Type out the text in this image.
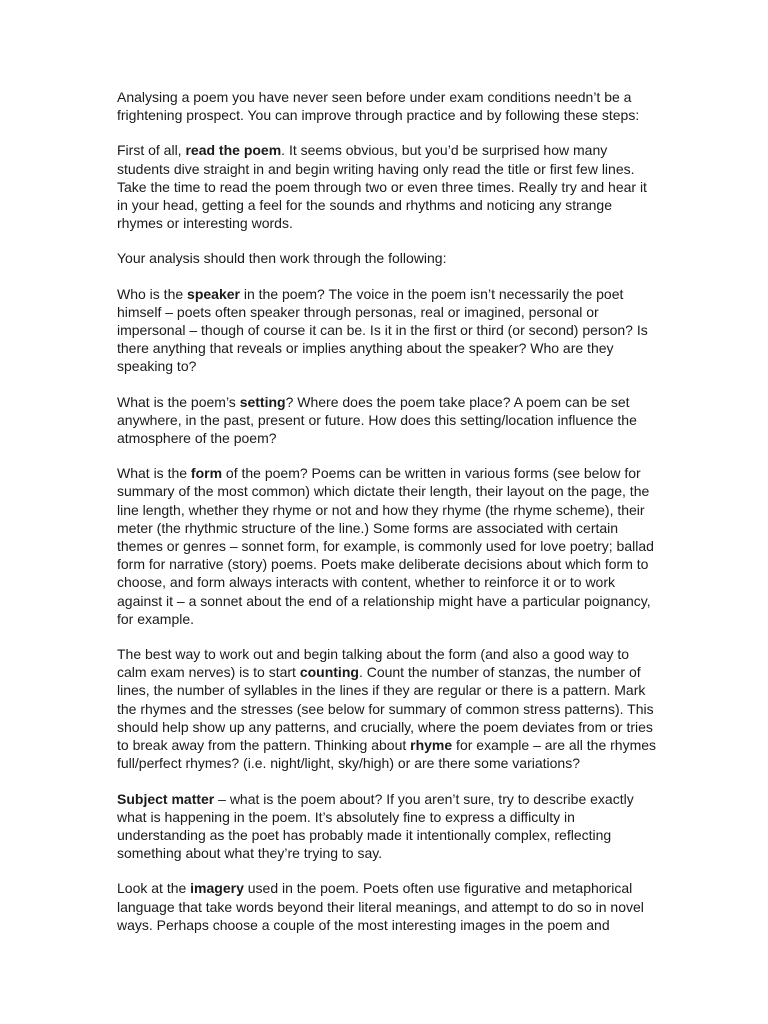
Analysing a poem you have never seen before under exam conditions needn’t be a frightening prospect. You can improve through practice and by following these steps:

First of all, read the poem. It seems obvious, but you’d be surprised how many students dive straight in and begin writing having only read the title or first few lines. Take the time to read the poem through two or even three times. Really try and hear it in your head, getting a feel for the sounds and rhythms and noticing any strange rhymes or interesting words.

Your analysis should then work through the following:

Who is the speaker in the poem? The voice in the poem isn’t necessarily the poet himself – poets often speaker through personas, real or imagined, personal or impersonal – though of course it can be. Is it in the first or third (or second) person? Is there anything that reveals or implies anything about the speaker? Who are they speaking to?

What is the poem’s setting? Where does the poem take place? A poem can be set anywhere, in the past, present or future. How does this setting/location influence the atmosphere of the poem?

What is the form of the poem? Poems can be written in various forms (see below for summary of the most common) which dictate their length, their layout on the page, the line length, whether they rhyme or not and how they rhyme (the rhyme scheme), their meter (the rhythmic structure of the line.) Some forms are associated with certain themes or genres – sonnet form, for example, is commonly used for love poetry; ballad form for narrative (story) poems. Poets make deliberate decisions about which form to choose, and form always interacts with content, whether to reinforce it or to work against it – a sonnet about the end of a relationship might have a particular poignancy, for example.

The best way to work out and begin talking about the form (and also a good way to calm exam nerves) is to start counting. Count the number of stanzas, the number of lines, the number of syllables in the lines if they are regular or there is a pattern. Mark the rhymes and the stresses (see below for summary of common stress patterns). This should help show up any patterns, and crucially, where the poem deviates from or tries to break away from the pattern. Thinking about rhyme for example – are all the rhymes full/perfect rhymes? (i.e. night/light, sky/high) or are there some variations?

Subject matter – what is the poem about? If you aren’t sure, try to describe exactly what is happening in the poem. It’s absolutely fine to express a difficulty in understanding as the poet has probably made it intentionally complex, reflecting something about what they’re trying to say.

Look at the imagery used in the poem. Poets often use figurative and metaphorical language that take words beyond their literal meanings, and attempt to do so in novel ways. Perhaps choose a couple of the most interesting images in the poem and
